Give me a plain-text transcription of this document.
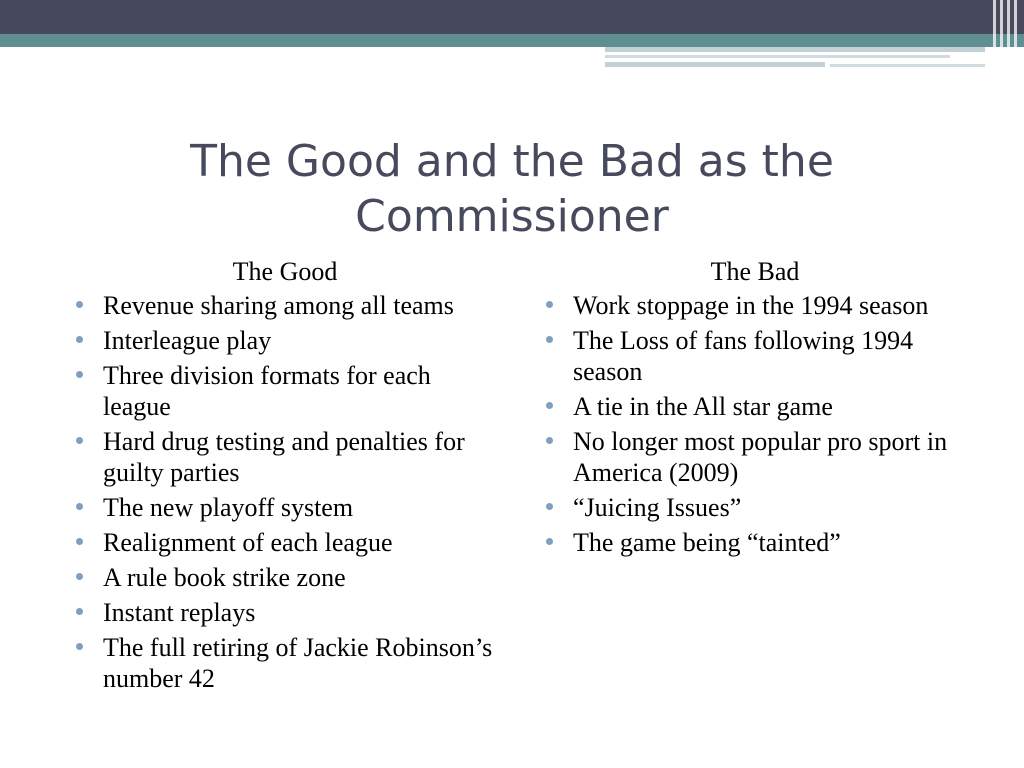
The Good and the Bad as the Commissioner

The Good

Revenue sharing among all teams
Interleague play
Three division formats for each league
Hard drug testing and penalties for guilty parties
The new playoff system
Realignment of each league
A rule book strike zone
Instant replays
The full retiring of Jackie Robinson’s number 42

The Bad

Work stoppage in the 1994 season
The Loss of fans following 1994 season
A tie in the All star game
No longer most popular pro sport in America (2009)
“Juicing Issues”
The game being “tainted”
